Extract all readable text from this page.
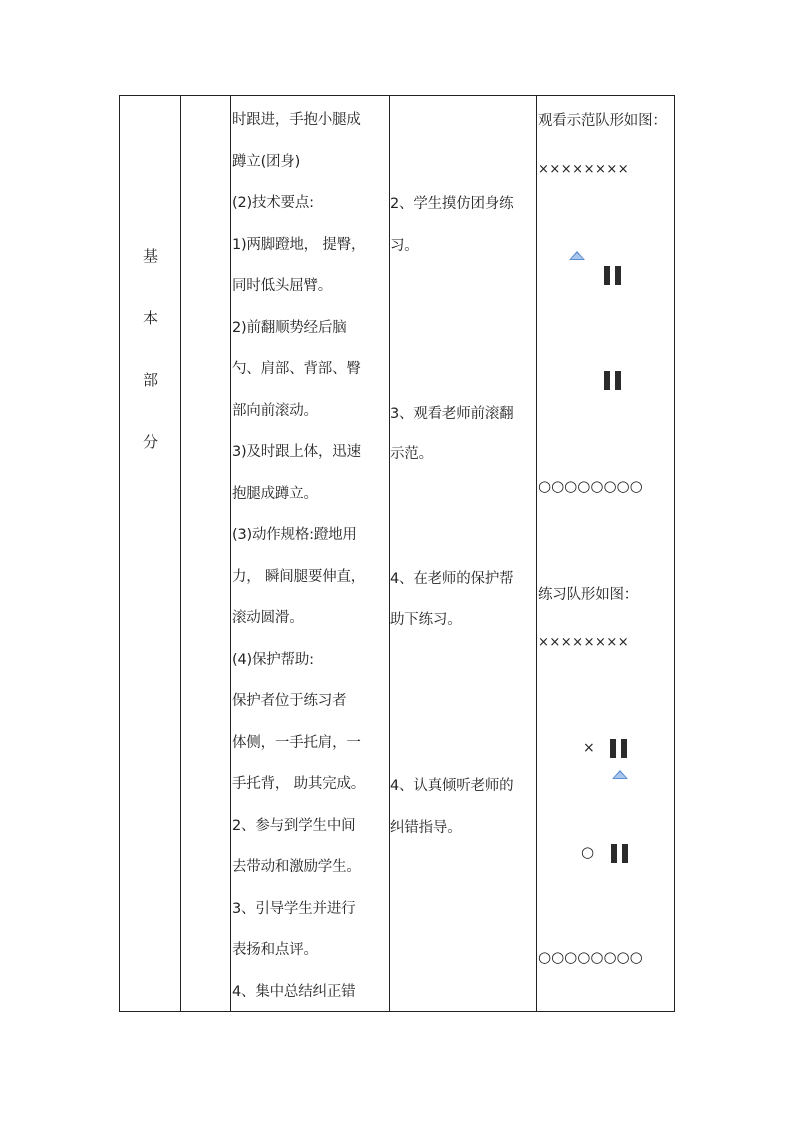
基
本
部
分
时跟进，手抱小腿成
蹲立(团身)
(2)技术要点:
1)两脚蹬地， 提臀，
同时低头屈臂。
2)前翻顺势经后脑
勺、肩部、背部、臀
部向前滚动。
3)及时跟上体，迅速
抱腿成蹲立。
(3)动作规格:蹬地用
力， 瞬间腿要伸直，
滚动圆滑。
(4)保护帮助:
保护者位于练习者
体侧，一手托肩，一
手托背， 助其完成。
2、参与到学生中间
去带动和激励学生。
3、引导学生并进行
表扬和点评。
4、集中总结纠正错
2、学生摸仿团身练
习。
3、观看老师前滚翻
示范。
4、在老师的保护帮
助下练习。
4、认真倾听老师的
纠错指导。
观看示范队形如图：
××××××××
○○○○○○○○
练习队形如图：
××××××××
×
○
○○○○○○○○
